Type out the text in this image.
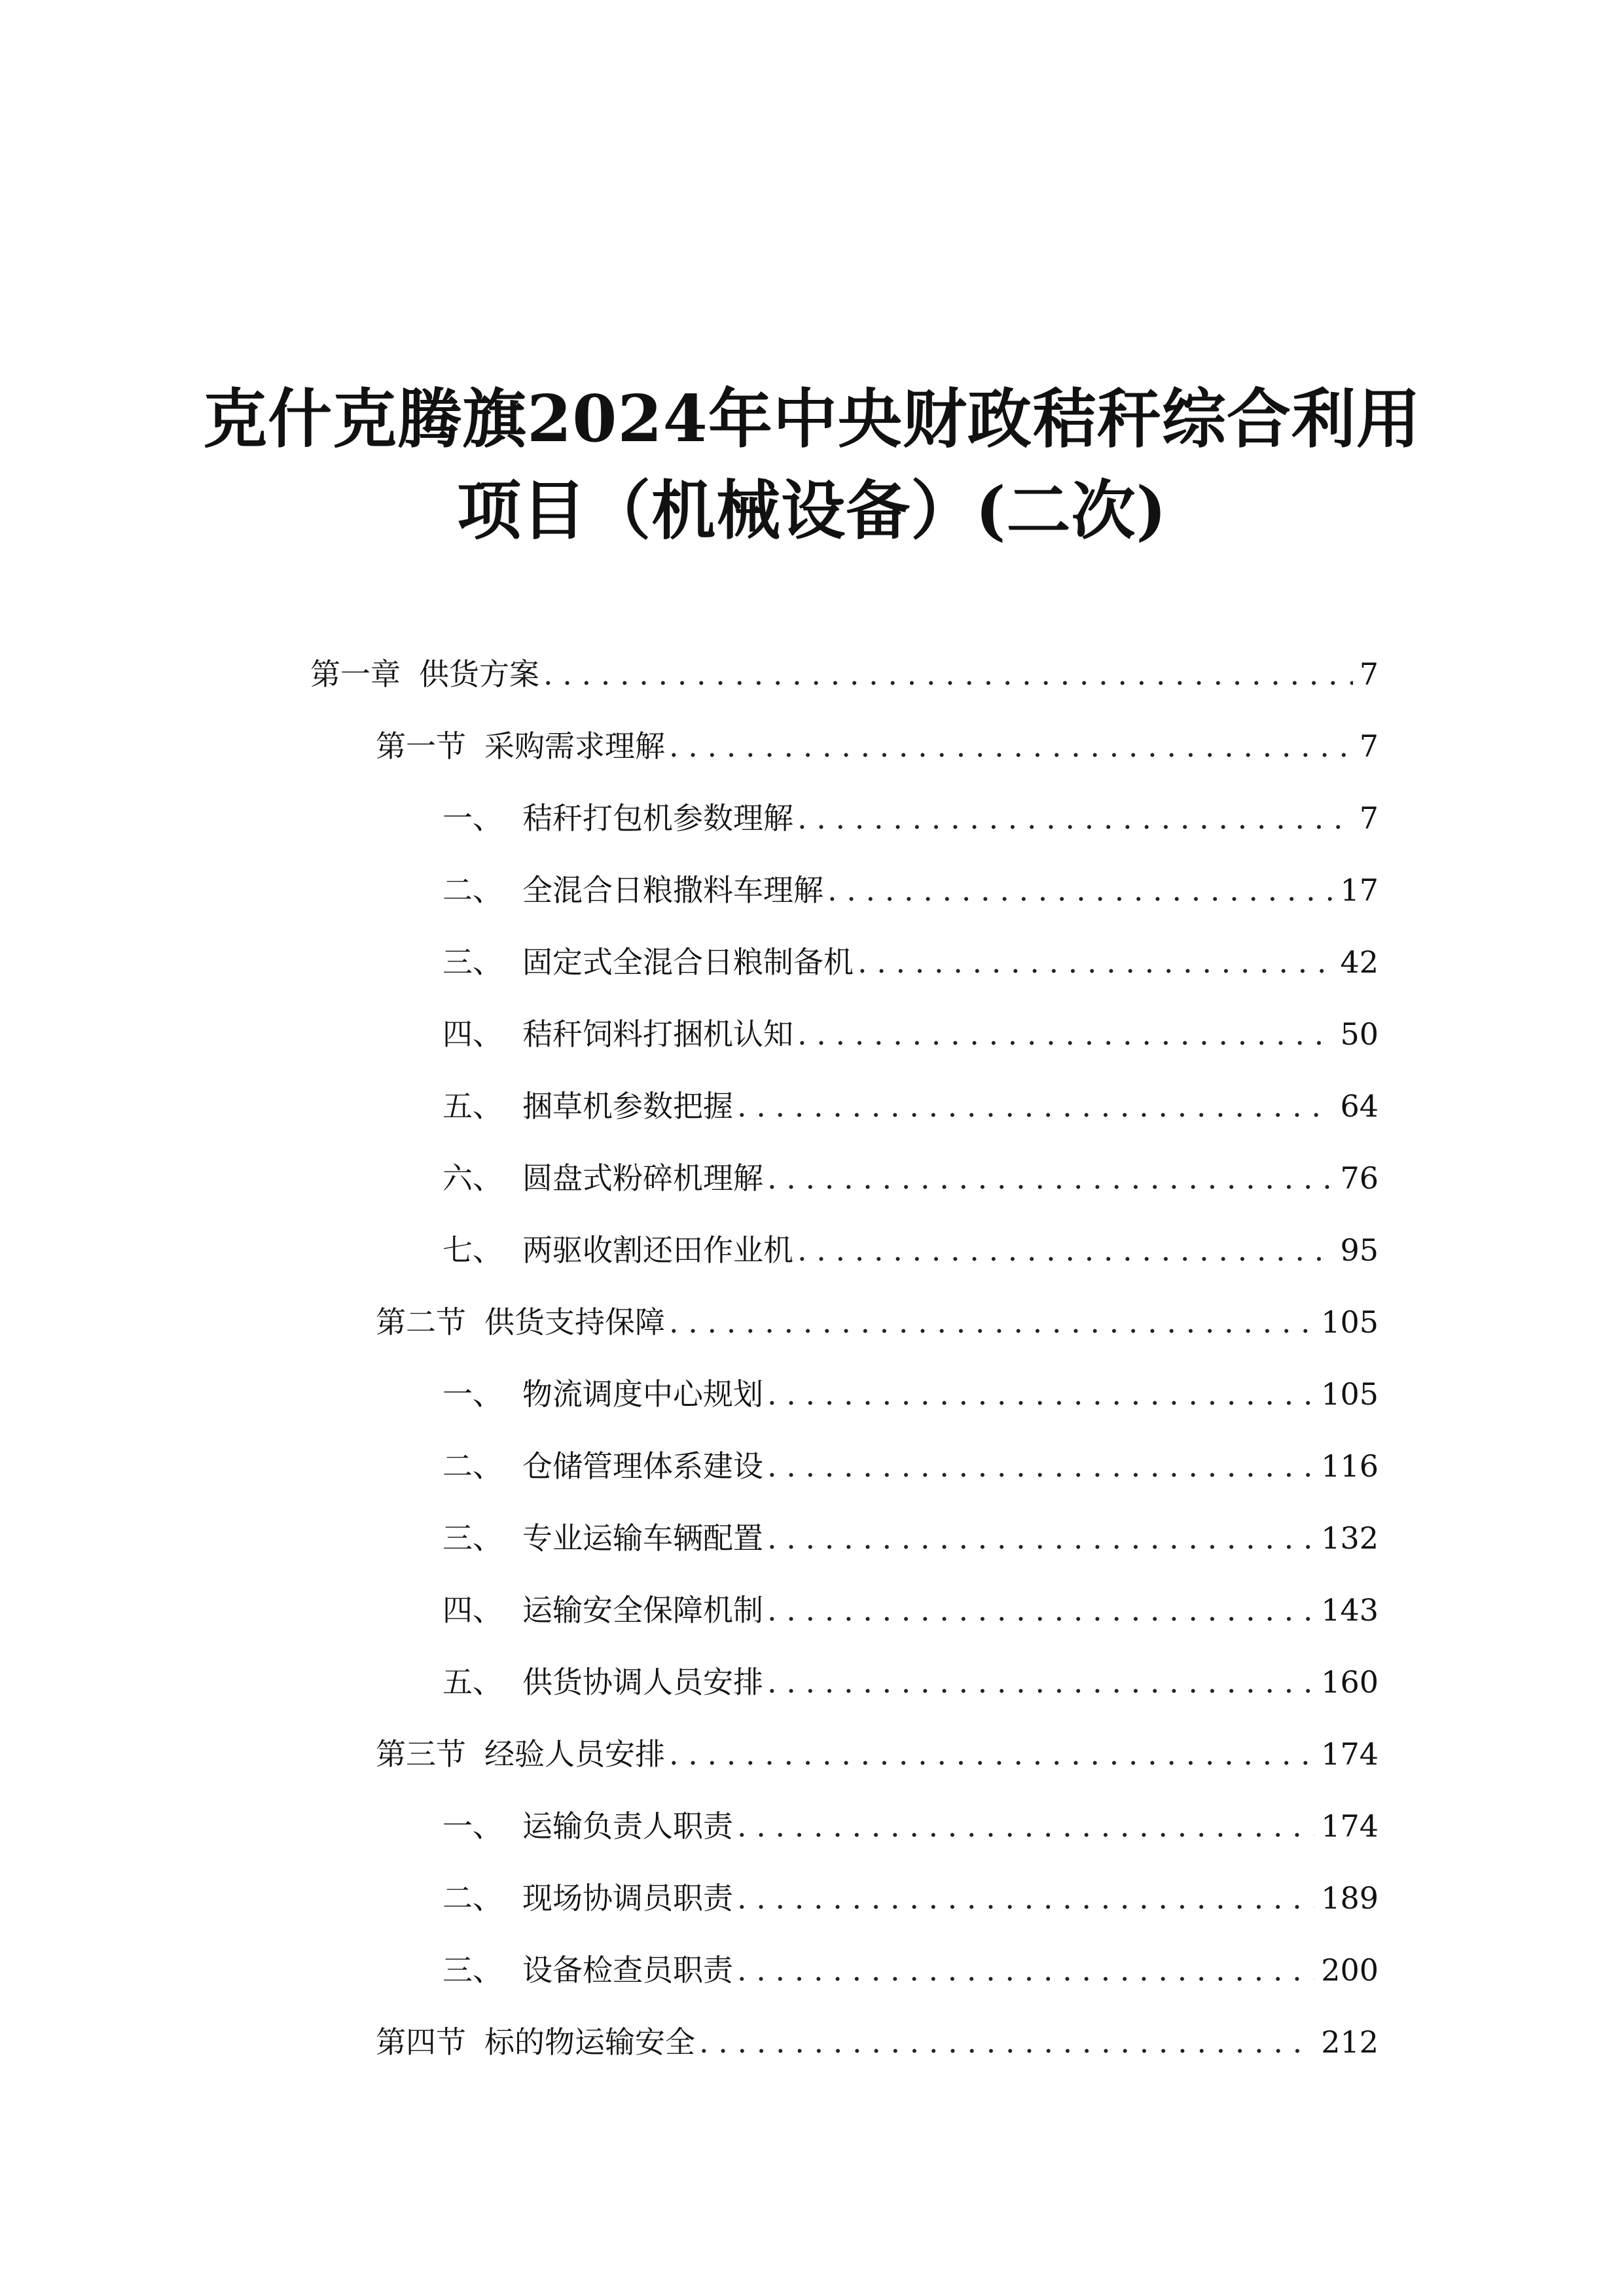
克什克腾旗2024年中央财政秸秆综合利用
项目（机械设备）(二次)
第一章 供货方案 . . .	7
第一节 采购需求理解 . . .	7
一、 秸秆打包机参数理解 . . .	7
二、 全混合日粮撒料车理解 . . .	17
三、 固定式全混合日粮制备机 . . .	42
四、 秸秆饲料打捆机认知 . . .	50
五、 捆草机参数把握 . . .	64
六、 圆盘式粉碎机理解 . . .	76
七、 两驱收割还田作业机 . . .	95
第二节 供货支持保障 . . .	105
一、 物流调度中心规划 . . .	105
二、 仓储管理体系建设 . . .	116
三、 专业运输车辆配置 . . .	132
四、 运输安全保障机制 . . .	143
五、 供货协调人员安排 . . .	160
第三节 经验人员安排 . . .	174
一、 运输负责人职责 . . .	174
二、 现场协调员职责 . . .	189
三、 设备检查员职责 . . .	200
第四节 标的物运输安全 . . .	212
